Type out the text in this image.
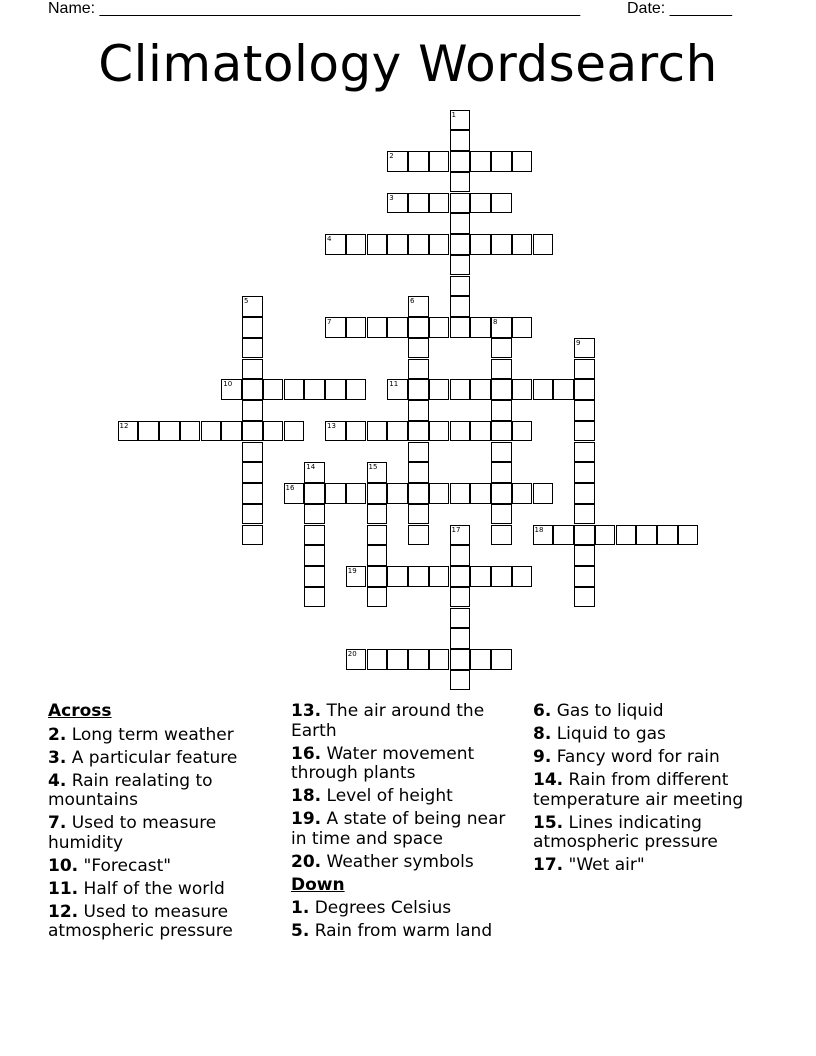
Name: ______________________________________________________	Date: _______
Climatology Wordsearch
1
2
3
4
5	6
7	8
9
10	11
12	13
14	15
16
17	18
19
20
Across
2. Long term weather
3. A particular feature
4. Rain realating to mountains
7. Used to measure humidity
10. "Forecast"
11. Half of the world
12. Used to measure atmospheric pressure
13. The air around the Earth
16. Water movement through plants
18. Level of height
19. A state of being near in time and space
20. Weather symbols
Down
1. Degrees Celsius
5. Rain from warm land
6. Gas to liquid
8. Liquid to gas
9. Fancy word for rain
14. Rain from different temperature air meeting
15. Lines indicating atmospheric pressure
17. "Wet air"
